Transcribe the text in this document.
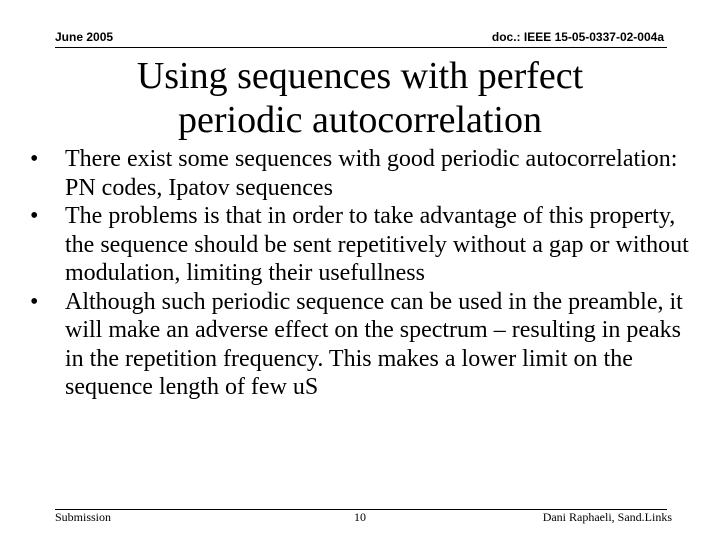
June 2005	doc.: IEEE 15-05-0337-02-004a
Using sequences with perfect
periodic autocorrelation
• There exist some sequences with good periodic autocorrelation: PN codes, Ipatov sequences
• The problems is that in order to take advantage of this property, the sequence should be sent repetitively without a gap or without modulation, limiting their usefullness
• Although such periodic sequence can be used in the preamble, it will make an adverse effect on the spectrum – resulting in peaks in the repetition frequency. This makes a lower limit on the sequence length of few uS
Submission	10	Dani Raphaeli, Sand.Links
